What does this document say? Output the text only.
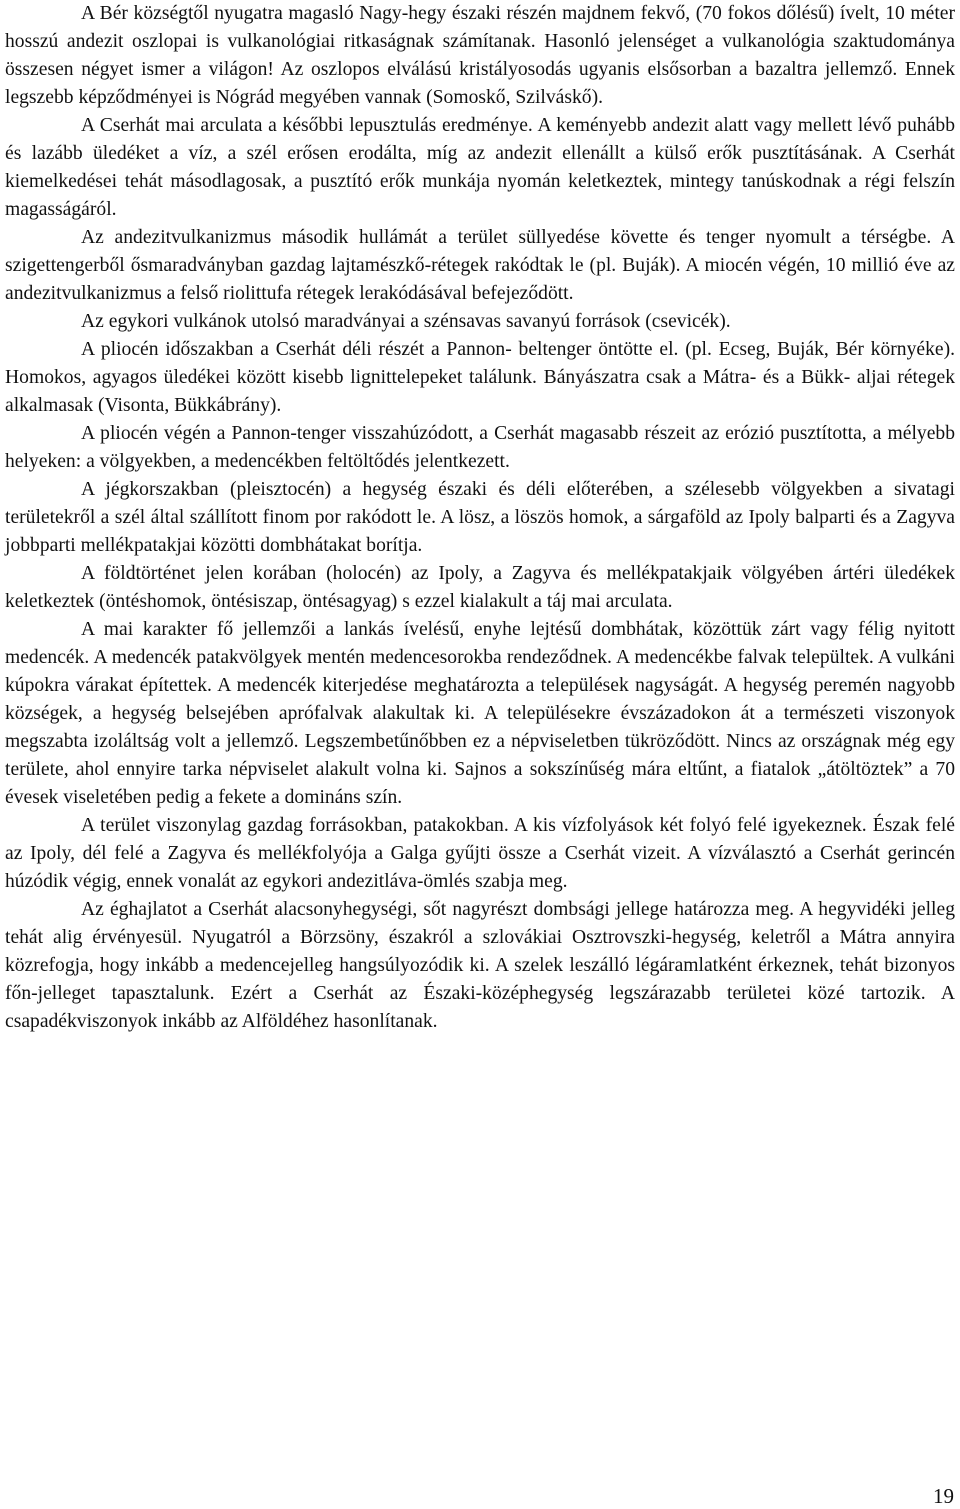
A Bér községtől nyugatra magasló Nagy-hegy északi részén majdnem fekvő, (70 fokos dőlésű) ívelt, 10 méter hosszú andezit oszlopai is vulkanológiai ritkaságnak számítanak. Hasonló jelenséget a vulkanológia szaktudománya összesen négyet ismer a világon! Az oszlopos elválású kristályosodás ugyanis elsősorban a bazaltra jellemző. Ennek legszebb képződményei is Nógrád megyében vannak (Somoskő, Szilváskő).

A Cserhát mai arculata a későbbi lepusztulás eredménye. A keményebb andezit alatt vagy mellett lévő puhább és lazább üledéket a víz, a szél erősen erodálta, míg az andezit ellenállt a külső erők pusztításának. A Cserhát kiemelkedései tehát másodlagosak, a pusztító erők munkája nyomán keletkeztek, mintegy tanúskodnak a régi felszín magasságáról.

Az andezitvulkanizmus második hullámát a terület süllyedése követte és tenger nyomult a térségbe. A szigettengerből ősmaradványban gazdag lajtamészkő-rétegek rakódtak le (pl. Buják). A miocén végén, 10 millió éve az andezitvulkanizmus a felső riolittufa rétegek lerakódásával befejeződött.

Az egykori vulkánok utolsó maradványai a szénsavas savanyú források (csevicék).

A pliocén időszakban a Cserhát déli részét a Pannon- beltenger öntötte el. (pl. Ecseg, Buják, Bér környéke). Homokos, agyagos üledékei között kisebb lignittelepeket találunk. Bányászatra csak a Mátra- és a Bükk- aljai rétegek alkalmasak (Visonta, Bükkábrány).

A pliocén végén a Pannon-tenger visszahúzódott, a Cserhát magasabb részeit az erózió pusztította, a mélyebb helyeken: a völgyekben, a medencékben feltöltődés jelentkezett.

A jégkorszakban (pleisztocén) a hegység északi és déli előterében, a szélesebb völgyekben a sivatagi területekről a szél által szállított finom por rakódott le. A lösz, a löszös homok, a sárgaföld az Ipoly balparti és a Zagyva jobbparti mellékpatakjai közötti dombhátakat borítja.

A földtörténet jelen korában (holocén) az Ipoly, a Zagyva és mellékpatakjaik völgyében ártéri üledékek keletkeztek (öntéshomok, öntésiszap, öntésagyag) s ezzel kialakult a táj mai arculata.

A mai karakter fő jellemzői a lankás ívelésű, enyhe lejtésű dombhátak, közöttük zárt vagy félig nyitott medencék. A medencék patakvölgyek mentén medencesorokba rendeződnek. A medencékbe falvak települtek. A vulkáni kúpokra várakat építettek. A medencék kiterjedése meghatározta a települések nagyságát. A hegység peremén nagyobb községek, a hegység belsejében aprófalvak alakultak ki. A településekre évszázadokon át a természeti viszonyok megszabta izoláltság volt a jellemző. Legszembetűnőbben ez a népviseletben tükröződött. Nincs az országnak még egy területe, ahol ennyire tarka népviselet alakult volna ki. Sajnos a sokszínűség mára eltűnt, a fiatalok „átöltöztek” a 70 évesek viseletében pedig a fekete a domináns szín.

A terület viszonylag gazdag forrásokban, patakokban. A kis vízfolyások két folyó felé igyekeznek. Észak felé az Ipoly, dél felé a Zagyva és mellékfolyója a Galga gyűjti össze a Cserhát vizeit. A vízválasztó a Cserhát gerincén húzódik végig, ennek vonalát az egykori andezitláva-ömlés szabja meg.

Az éghajlatot a Cserhát alacsonyhegységi, sőt nagyrészt dombsági jellege határozza meg. A hegyvidéki jelleg tehát alig érvényesül. Nyugatról a Börzsöny, északról a szlovákiai Osztrovszki-hegység, keletről a Mátra annyira közrefogja, hogy inkább a medencejelleg hangsúlyozódik ki. A szelek leszálló légáramlatként érkeznek, tehát bizonyos főn-jelleget tapasztalunk. Ezért a Cserhát az Északi-középhegység legszárazabb területei közé tartozik. A csapadékviszonyok inkább az Alföldéhez hasonlítanak.

19
